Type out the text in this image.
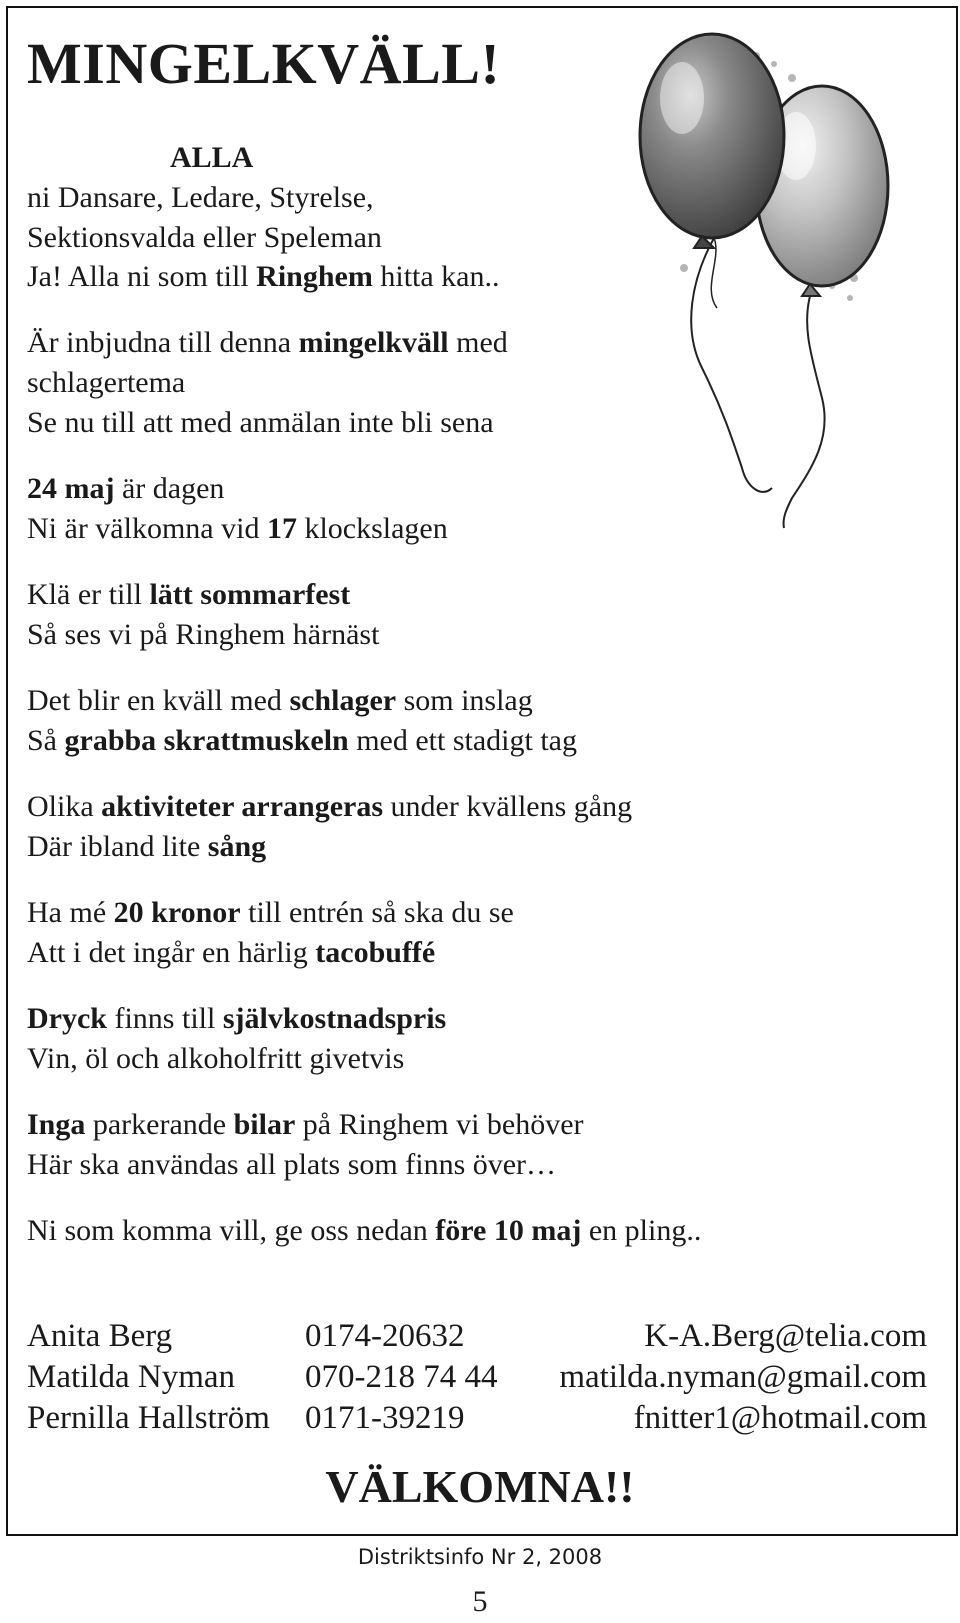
MINGELKVÄLL!
ALLA
ni Dansare, Ledare, Styrelse,
Sektionsvalda eller Speleman
Ja! Alla ni som till Ringhem hitta kan..
Är inbjudna till denna mingelkväll med
schlagertema
Se nu till att med anmälan inte bli sena
24 maj är dagen
Ni är välkomna vid 17 klockslagen
Klä er till lätt sommarfest
Så ses vi på Ringhem härnäst
Det blir en kväll med schlager som inslag
Så grabba skrattmuskeln med ett stadigt tag
Olika aktiviteter arrangeras under kvällens gång
Där ibland lite sång
Ha mé 20 kronor till entrén så ska du se
Att i det ingår en härlig tacobuffé
Dryck finns till självkostnadspris
Vin, öl och alkoholfritt givetvis
Inga parkerande bilar på Ringhem vi behöver
Här ska användas all plats som finns över…
Ni som komma vill, ge oss nedan före 10 maj en pling..
Anita Berg	0174-20632	K-A.Berg@telia.com
Matilda Nyman 070-218 74 44 matilda.nyman@gmail.com
Pernilla Hallström 0171-39219	fnitter1@hotmail.com
VÄLKOMNA!!
Distriktsinfo Nr 2, 2008
5
